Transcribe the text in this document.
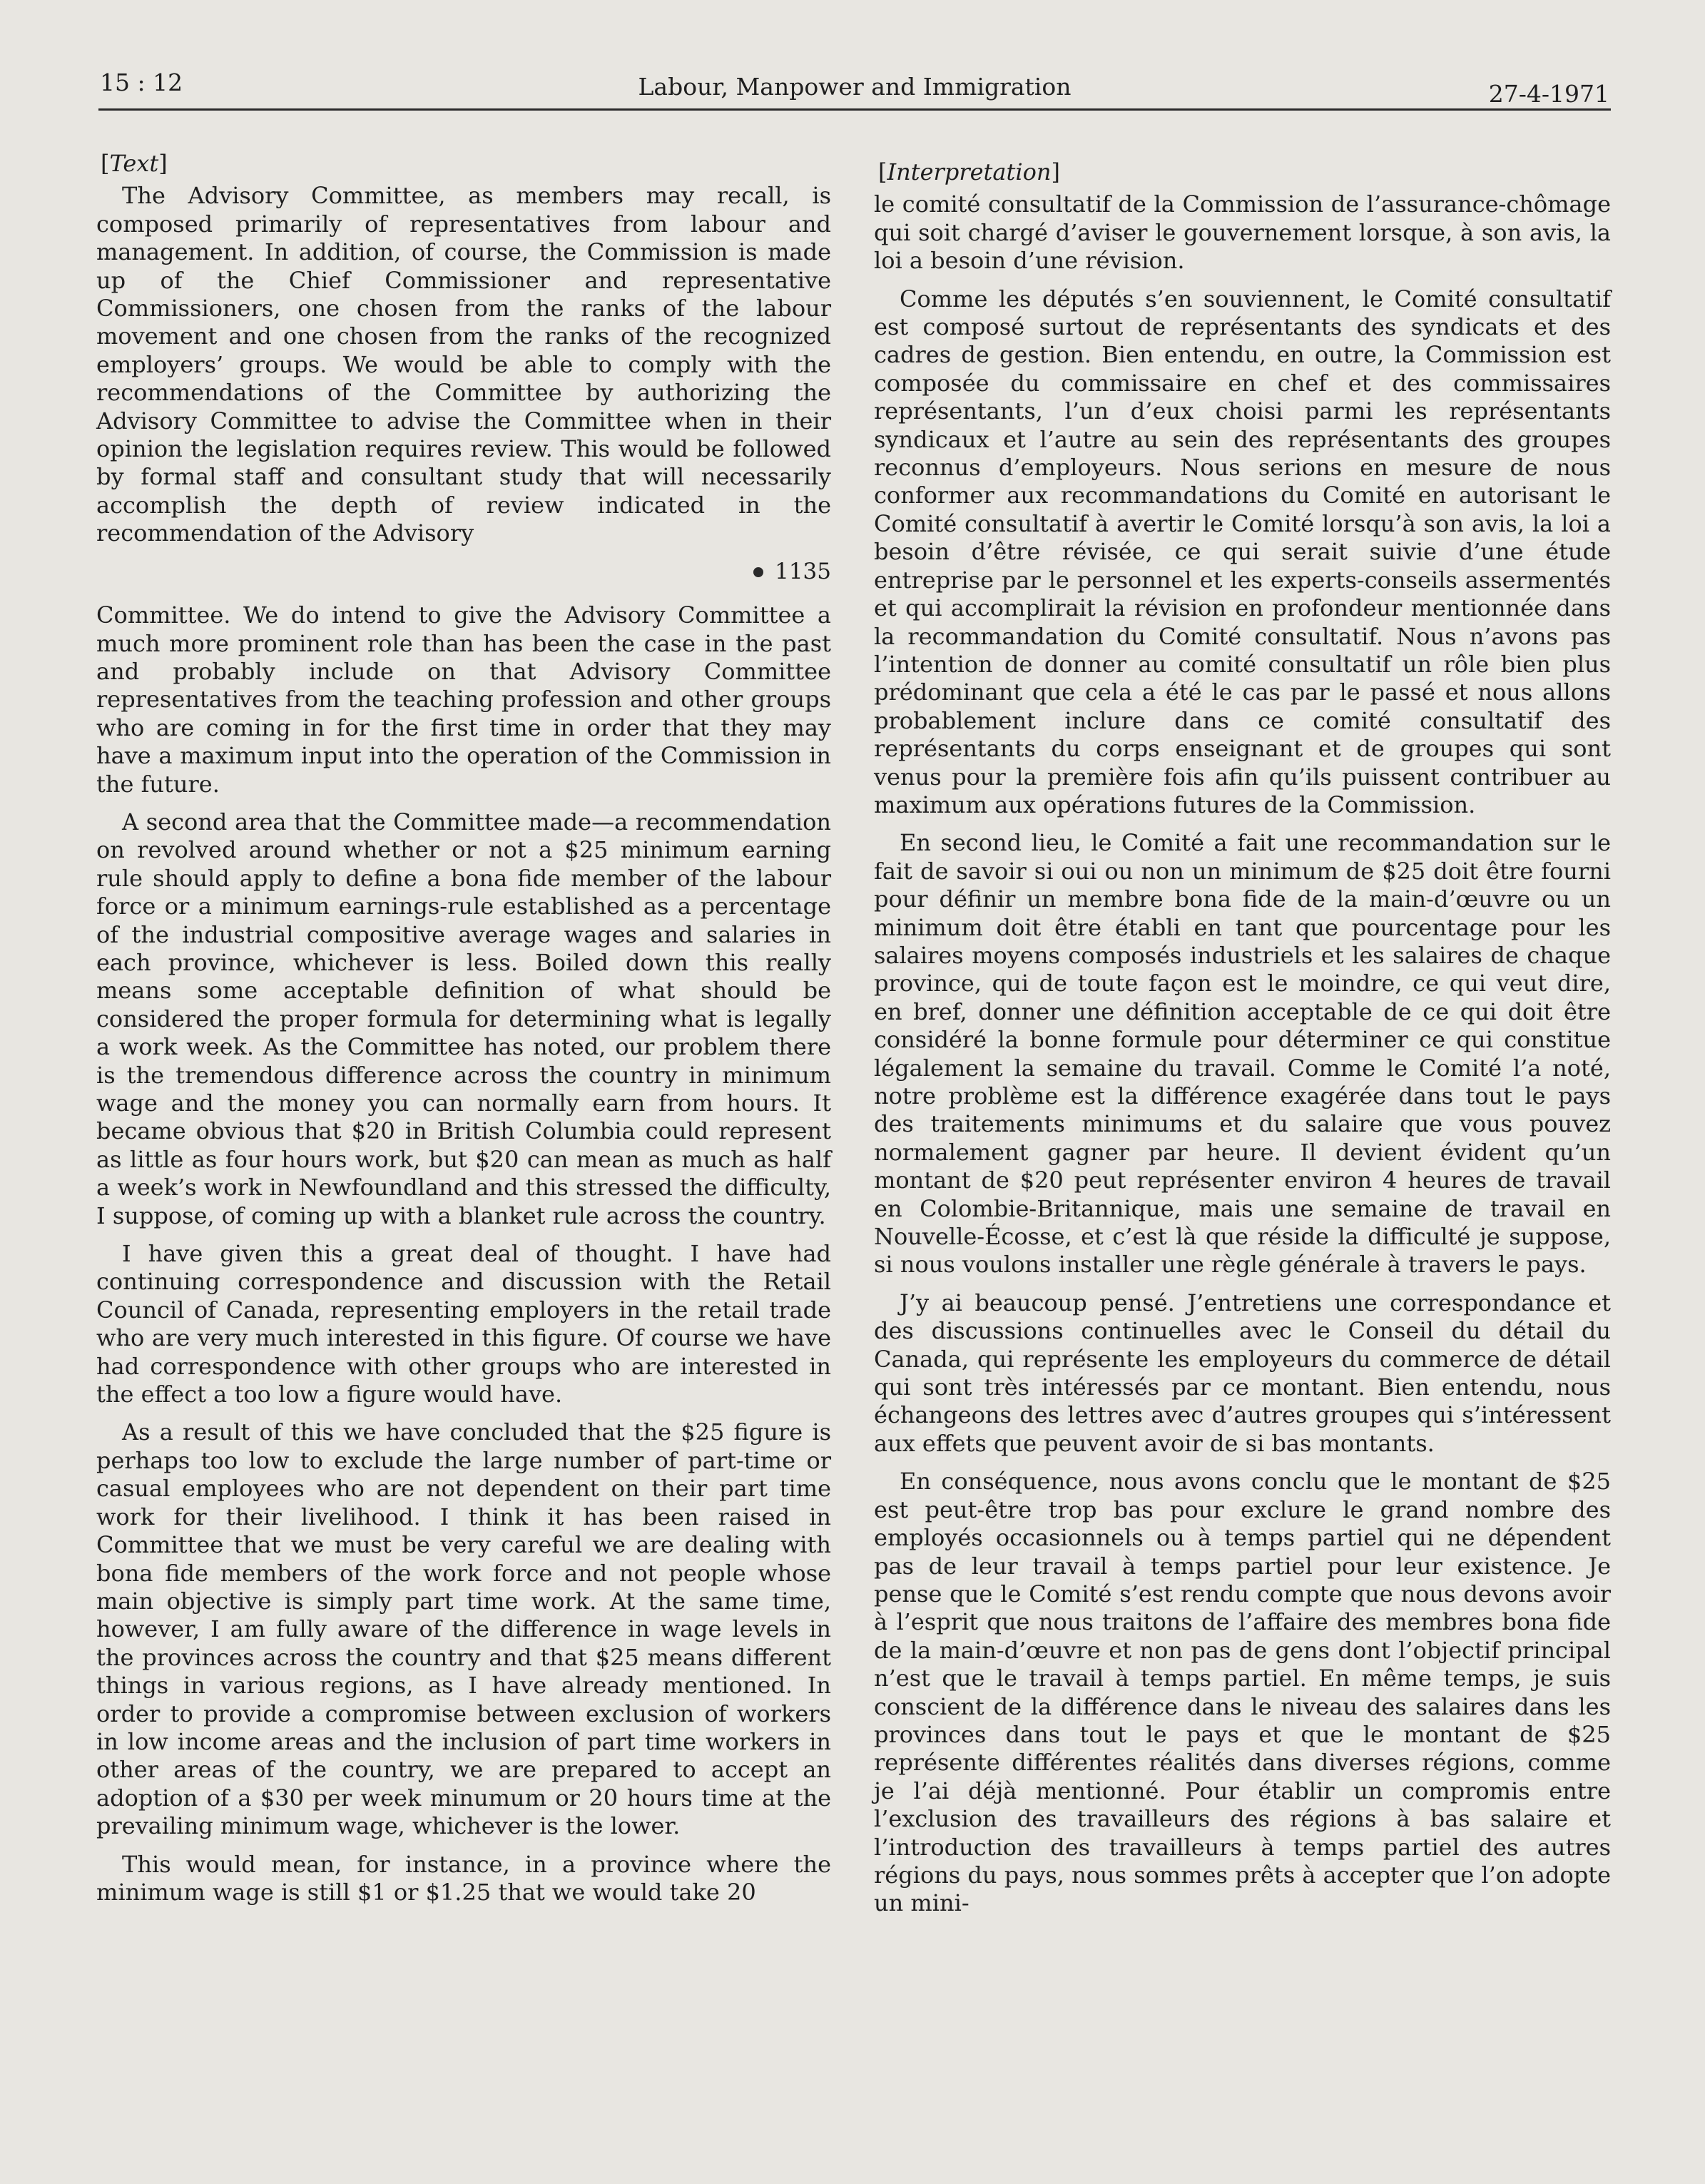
15 : 12	Labour, Manpower and Immigration	27-4-1971
[Text]

The Advisory Committee, as members may recall, is composed primarily of representatives from labour and management. In addition, of course, the Commission is made up of the Chief Commissioner and representative Commissioners, one chosen from the ranks of the labour movement and one chosen from the ranks of the recognized employers’ groups. We would be able to comply with the recommendations of the Committee by authorizing the Advisory Committee to advise the Committee when in their opinion the legislation requires review. This would be followed by formal staff and consultant study that will necessarily accomplish the depth of review indicated in the recommendation of the Advisory

1135

Committee. We do intend to give the Advisory Committee a much more prominent role than has been the case in the past and probably include on that Advisory Committee representatives from the teaching profession and other groups who are coming in for the first time in order that they may have a maximum input into the operation of the Commission in the future.

A second area that the Committee made—a recommendation on revolved around whether or not a $25 minimum earning rule should apply to define a bona fide member of the labour force or a minimum earnings-rule established as a percentage of the industrial compositive average wages and salaries in each province, whichever is less. Boiled down this really means some acceptable definition of what should be considered the proper formula for determining what is legally a work week. As the Committee has noted, our problem there is the tremendous difference across the country in minimum wage and the money you can normally earn from hours. It became obvious that $20 in British Columbia could represent as little as four hours work, but $20 can mean as much as half a week’s work in Newfoundland and this stressed the difficulty, I suppose, of coming up with a blanket rule across the country.

I have given this a great deal of thought. I have had continuing correspondence and discussion with the Retail Council of Canada, representing employers in the retail trade who are very much interested in this figure. Of course we have had correspondence with other groups who are interested in the effect a too low a figure would have.

As a result of this we have concluded that the $25 figure is perhaps too low to exclude the large number of part-time or casual employees who are not dependent on their part time work for their livelihood. I think it has been raised in Committee that we must be very careful we are dealing with bona fide members of the work force and not people whose main objective is simply part time work. At the same time, however, I am fully aware of the difference in wage levels in the provinces across the country and that $25 means different things in various regions, as I have already mentioned. In order to provide a compromise between exclusion of workers in low income areas and the inclusion of part time workers in other areas of the country, we are prepared to accept an adoption of a $30 per week minumum or 20 hours time at the prevailing minimum wage, whichever is the lower.

This would mean, for instance, in a province where the minimum wage is still $1 or $1.25 that we would take 20

[Interpretation]

le comité consultatif de la Commission de l’assurance-chômage qui soit chargé d’aviser le gouvernement lorsque, à son avis, la loi a besoin d’une révision.

Comme les députés s’en souviennent, le Comité consultatif est composé surtout de représentants des syndicats et des cadres de gestion. Bien entendu, en outre, la Commission est composée du commissaire en chef et des commissaires représentants, l’un d’eux choisi parmi les représentants syndicaux et l’autre au sein des représentants des groupes reconnus d’employeurs. Nous serions en mesure de nous conformer aux recommandations du Comité en autorisant le Comité consultatif à avertir le Comité lorsqu’à son avis, la loi a besoin d’être révisée, ce qui serait suivie d’une étude entreprise par le personnel et les experts-conseils assermentés et qui accomplirait la révision en profondeur mentionnée dans la recommandation du Comité consultatif. Nous n’avons pas l’intention de donner au comité consultatif un rôle bien plus prédominant que cela a été le cas par le passé et nous allons probablement inclure dans ce comité consultatif des représentants du corps enseignant et de groupes qui sont venus pour la première fois afin qu’ils puissent contribuer au maximum aux opérations futures de la Commission.

En second lieu, le Comité a fait une recommandation sur le fait de savoir si oui ou non un minimum de $25 doit être fourni pour définir un membre bona fide de la main-d’œuvre ou un minimum doit être établi en tant que pourcentage pour les salaires moyens composés industriels et les salaires de chaque province, qui de toute façon est le moindre, ce qui veut dire, en bref, donner une définition acceptable de ce qui doit être considéré la bonne formule pour déterminer ce qui constitue légalement la semaine du travail. Comme le Comité l’a noté, notre problème est la différence exagérée dans tout le pays des traitements minimums et du salaire que vous pouvez normalement gagner par heure. Il devient évident qu’un montant de $20 peut représenter environ 4 heures de travail en Colombie-Britannique, mais une semaine de travail en Nouvelle-Écosse, et c’est là que réside la difficulté je suppose, si nous voulons installer une règle générale à travers le pays.

J’y ai beaucoup pensé. J’entretiens une correspondance et des discussions continuelles avec le Conseil du détail du Canada, qui représente les employeurs du commerce de détail qui sont très intéressés par ce montant. Bien entendu, nous échangeons des lettres avec d’autres groupes qui s’intéressent aux effets que peuvent avoir de si bas montants.

En conséquence, nous avons conclu que le montant de $25 est peut-être trop bas pour exclure le grand nombre des employés occasionnels ou à temps partiel qui ne dépendent pas de leur travail à temps partiel pour leur existence. Je pense que le Comité s’est rendu compte que nous devons avoir à l’esprit que nous traitons de l’affaire des membres bona fide de la main-d’œuvre et non pas de gens dont l’objectif principal n’est que le travail à temps partiel. En même temps, je suis conscient de la différence dans le niveau des salaires dans les provinces dans tout le pays et que le montant de $25 représente différentes réalités dans diverses régions, comme je l’ai déjà mentionné. Pour établir un compromis entre l’exclusion des travailleurs des régions à bas salaire et l’introduction des travailleurs à temps partiel des autres régions du pays, nous sommes prêts à accepter que l’on adopte un mini-
